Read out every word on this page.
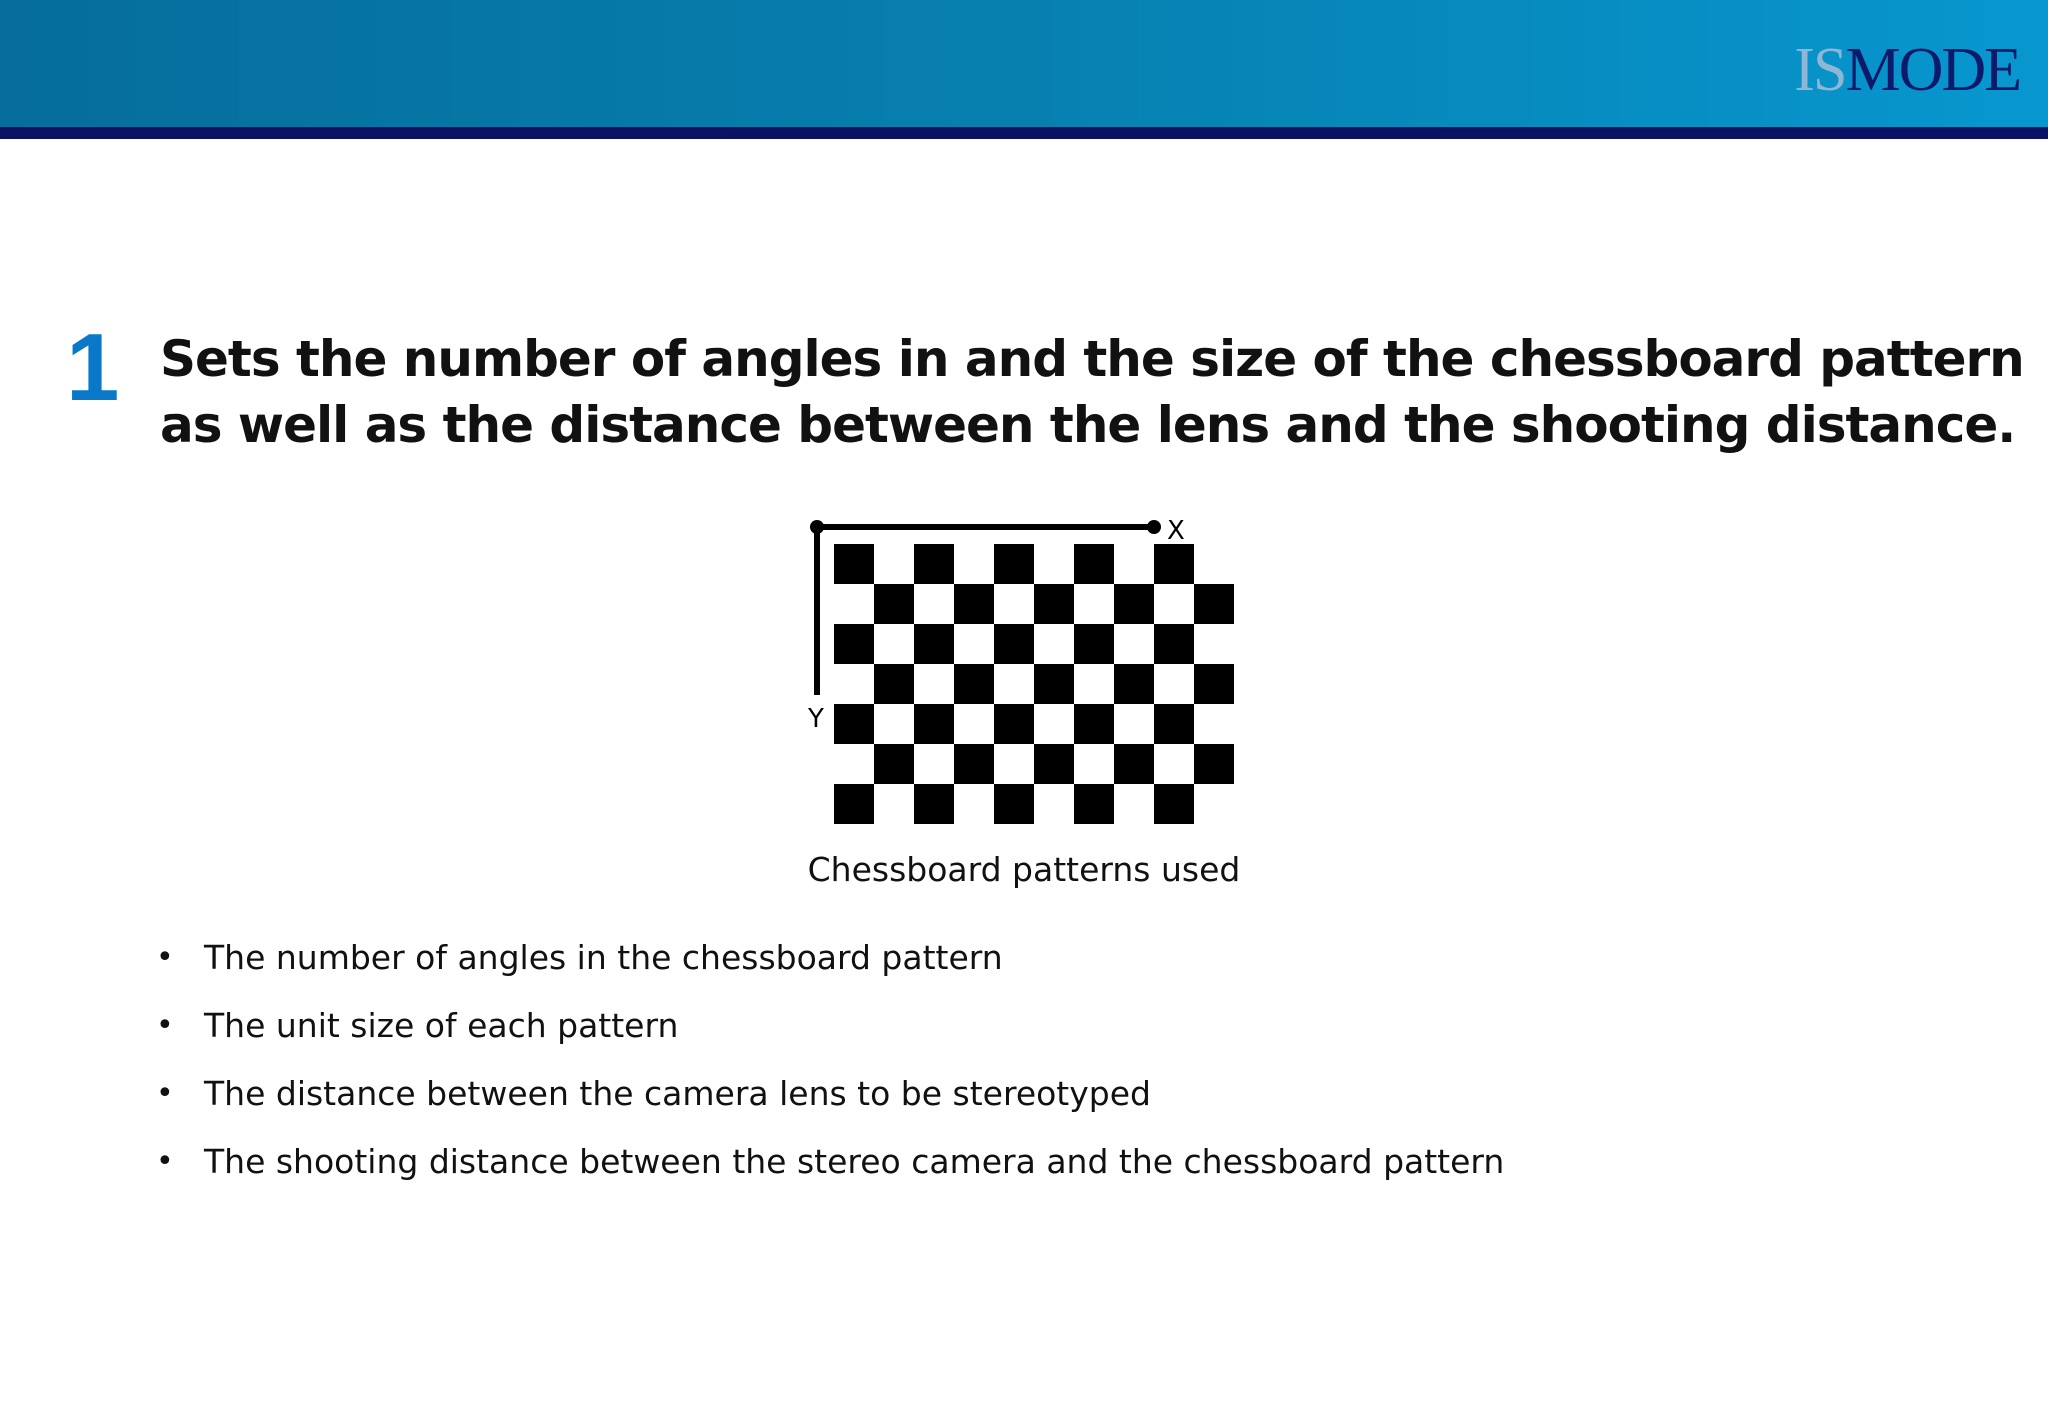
ISMODE
1 Sets the number of angles in and the size of the chessboard pattern
as well as the distance between the lens and the shooting distance.
X
Y
Chessboard patterns used
• The number of angles in the chessboard pattern
• The unit size of each pattern
• The distance between the camera lens to be stereotyped
• The shooting distance between the stereo camera and the chessboard pattern
